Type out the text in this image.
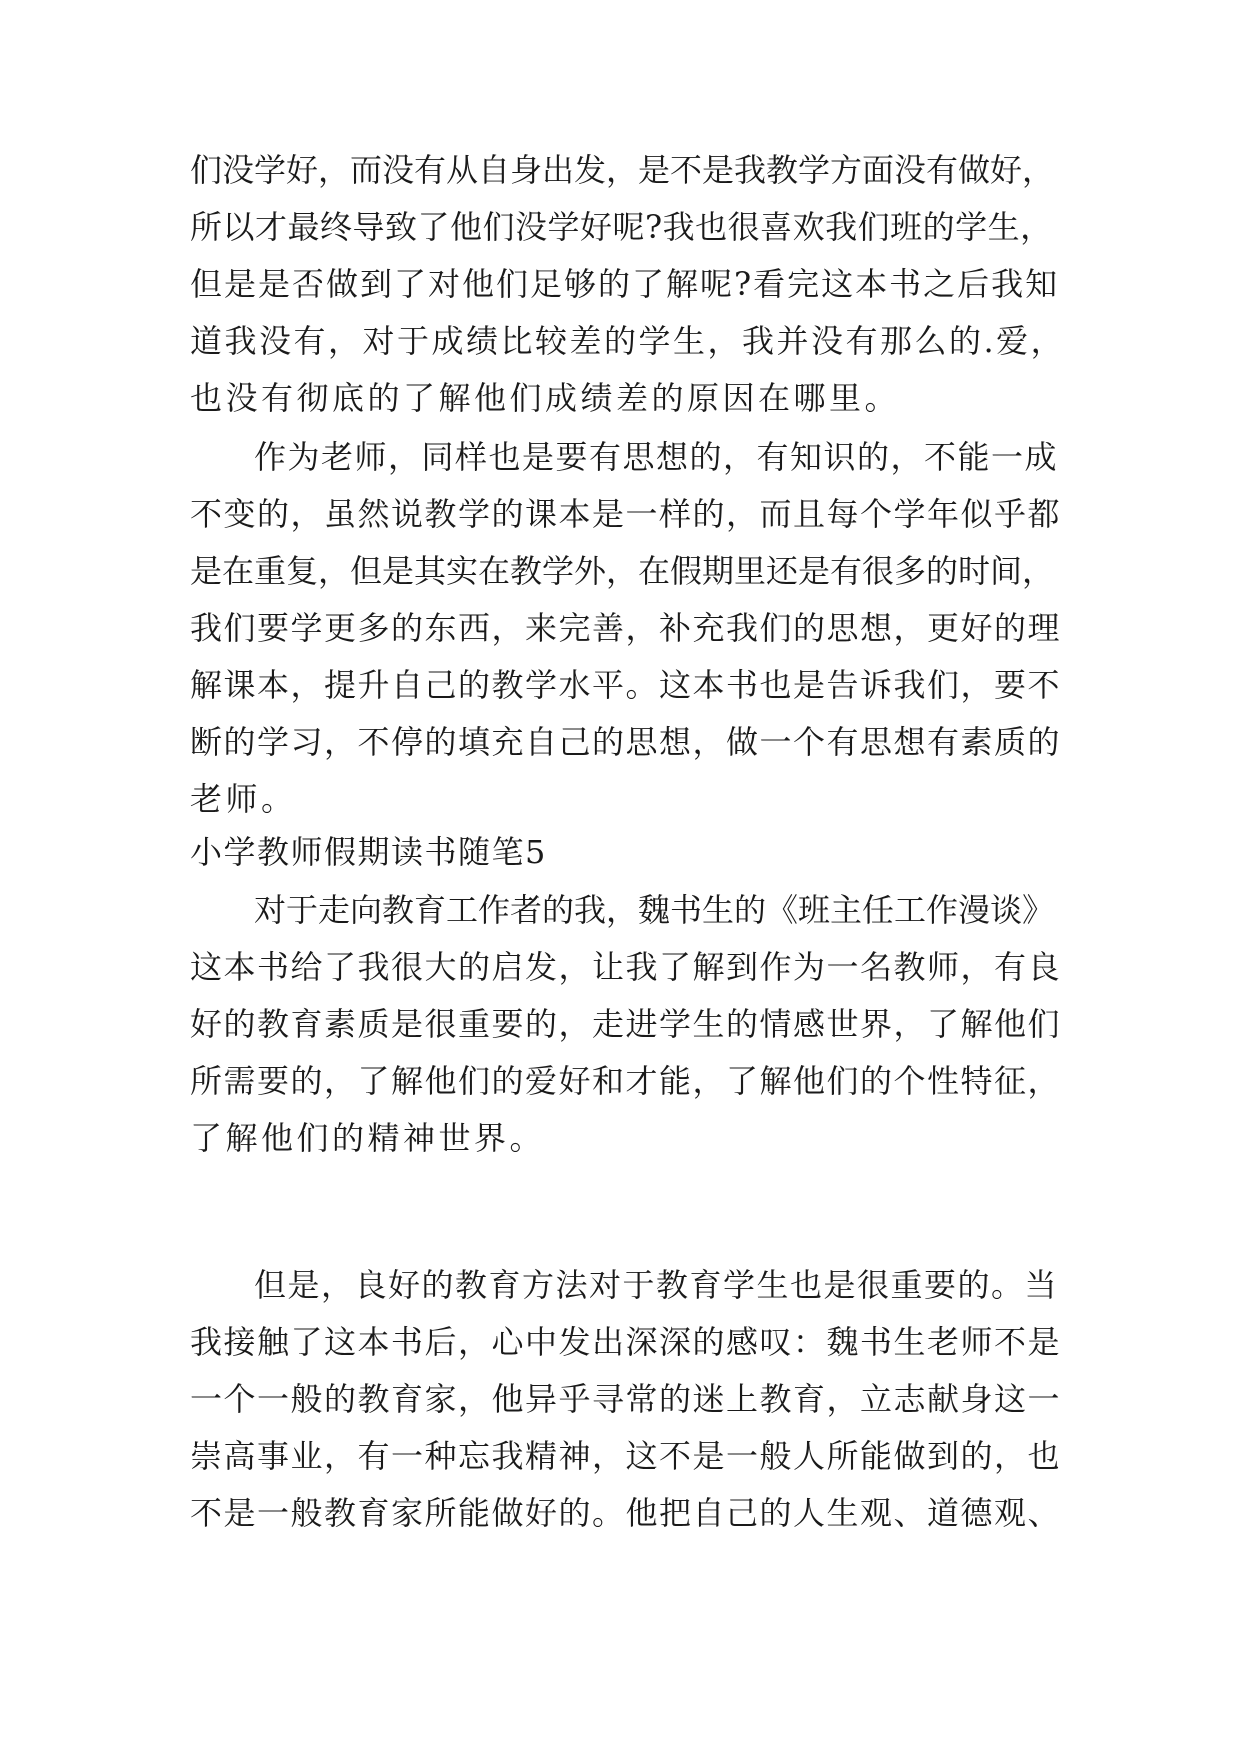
们没学好，而没有从自身出发，是不是我教学方面没有做好，
所以才最终导致了他们没学好呢?我也很喜欢我们班的学生，
但是是否做到了对他们足够的了解呢?看完这本书之后我知
道我没有，对于成绩比较差的学生，我并没有那么的.爱，
也没有彻底的了解他们成绩差的原因在哪里。
作为老师，同样也是要有思想的，有知识的，不能一成
不变的，虽然说教学的课本是一样的，而且每个学年似乎都
是在重复，但是其实在教学外，在假期里还是有很多的时间，
我们要学更多的东西，来完善，补充我们的思想，更好的理
解课本，提升自己的教学水平。这本书也是告诉我们，要不
断的学习，不停的填充自己的思想，做一个有思想有素质的
老师。
小学教师假期读书随笔5
对于走向教育工作者的我，魏书生的《班主任工作漫谈》
这本书给了我很大的启发，让我了解到作为一名教师，有良
好的教育素质是很重要的，走进学生的情感世界，了解他们
所需要的，了解他们的爱好和才能，了解他们的个性特征，
了解他们的精神世界。
但是，良好的教育方法对于教育学生也是很重要的。当
我接触了这本书后，心中发出深深的感叹：魏书生老师不是
一个一般的教育家，他异乎寻常的迷上教育，立志献身这一
崇高事业，有一种忘我精神，这不是一般人所能做到的，也
不是一般教育家所能做好的。他把自己的人生观、道德观、
